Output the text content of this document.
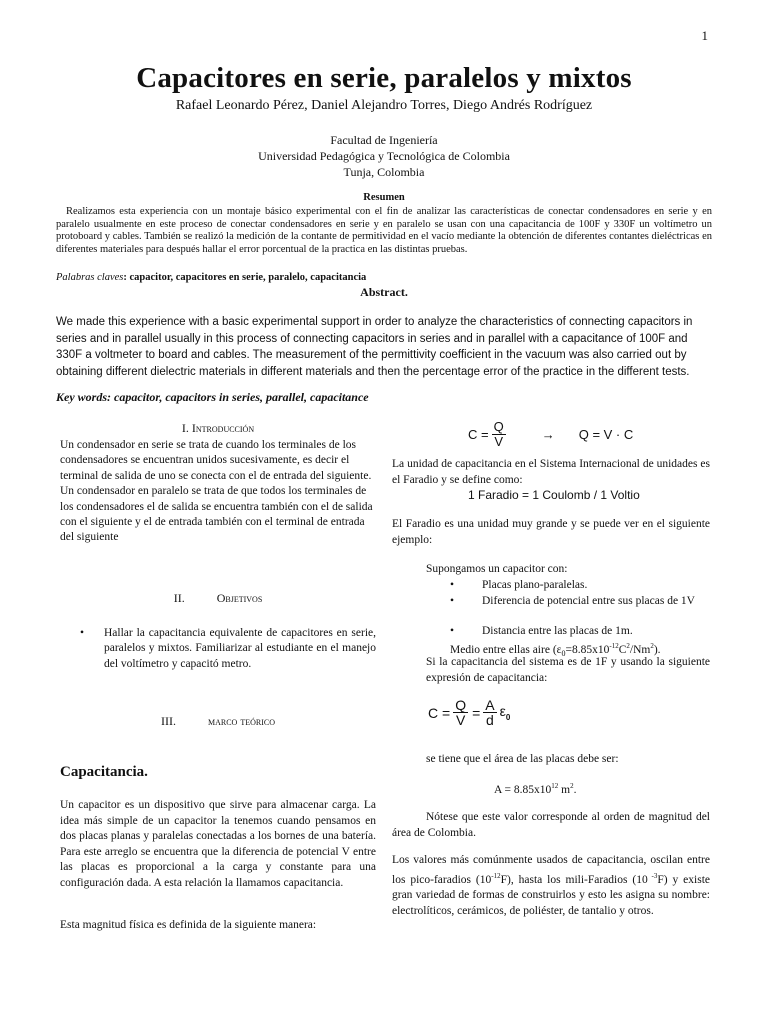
1
Capacitores en serie, paralelos y mixtos
Rafael Leonardo Pérez, Daniel Alejandro Torres, Diego Andrés Rodríguez
Facultad de Ingeniería
Universidad Pedagógica y Tecnológica de Colombia
Tunja, Colombia
Resumen
Realizamos esta experiencia con un montaje básico experimental con el fin de analizar las características de conectar condensadores en serie y en paralelo usualmente en este proceso de conectar condensadores en serie y en paralelo se usan con una capacitancia de 100F y 330F un voltímetro un protoboard y cables. También se realizó la medición de la contante de permitividad en el vacío mediante la obtención de diferentes contantes dieléctricas en diferentes materiales para después hallar el error porcentual de la practica en las distintas pruebas.
Palabras claves: capacitor, capacitores en serie, paralelo, capacitancia
Abstract.
We made this experience with a basic experimental support in order to analyze the characteristics of connecting capacitors in series and in parallel usually in this process of connecting capacitors in series and in parallel with a capacitance of 100F and 330F a voltmeter to board and cables. The measurement of the permittivity coefficient in the vacuum was also carried out by obtaining different dielectric materials in different materials and then the percentage error of the practice in the different tests.
Key words: capacitor, capacitors in series, parallel, capacitance
I. Introducción
Un condensador en serie se trata de cuando los terminales de los condensadores se encuentran unidos sucesivamente, es decir el terminal de salida de uno se conecta con el de entrada del siguiente. Un condensador en paralelo se trata de que todos los terminales de los condensadores el de salida se encuentra también con el de salida con el siguiente y el de entrada también con el terminal de entrada del siguiente
II.	Objetivos
•	Hallar la capacitancia equivalente de capacitores en serie, paralelos y mixtos. Familiarizar al estudiante en el manejo del voltímetro y capacitó metro.
III.	marco teórico
Capacitancia.
Un capacitor es un dispositivo que sirve para almacenar carga. La idea más simple de un capacitor la tenemos cuando pensamos en dos placas planas y paralelas conectadas a los bornes de una batería. Para este arreglo se encuentra que la diferencia de potencial V entre las placas es proporcional a la carga y constante para una configuración dada. A esta relación la llamamos capacitancia.
Esta magnitud física es definida de la siguiente manera:
$C = \frac{Q}{V}$	→ Q = V · C
La unidad de capacitancia en el Sistema Internacional de unidades es el Faradio y se define como:
1 Faradio = 1 Coulomb / 1 Voltio
El Faradio es una unidad muy grande y se puede ver en el siguiente ejemplo:
Supongamos un capacitor con:
•	Placas plano-paralelas.
•	Diferencia de potencial entre sus placas de 1V
•	Distancia entre las placas de 1m.
Medio entre ellas aire $(\varepsilon_0=8.85x10^{-12}C^2/Nm^2)$.
Si la capacitancia del sistema es de 1F y usando la siguiente expresión de capacitancia:
$C = \frac{Q}{V} = \frac{A}{d} \varepsilon_0$
se tiene que el área de las placas debe ser:
$A = 8.85x10^{12}$ $m^2$.
Nótese que este valor corresponde al orden de magnitud del área de Colombia.
Los valores más comúnmente usados de capacitancia, oscilan entre los pico-faradios $(10^{-12}F)$, hasta los mili-Faradios (10 $^{-3}$F) y existe gran variedad de formas de construirlos y esto les asigna su nombre: electrolíticos, cerámicos, de poliéster, de tantalio y otros.
